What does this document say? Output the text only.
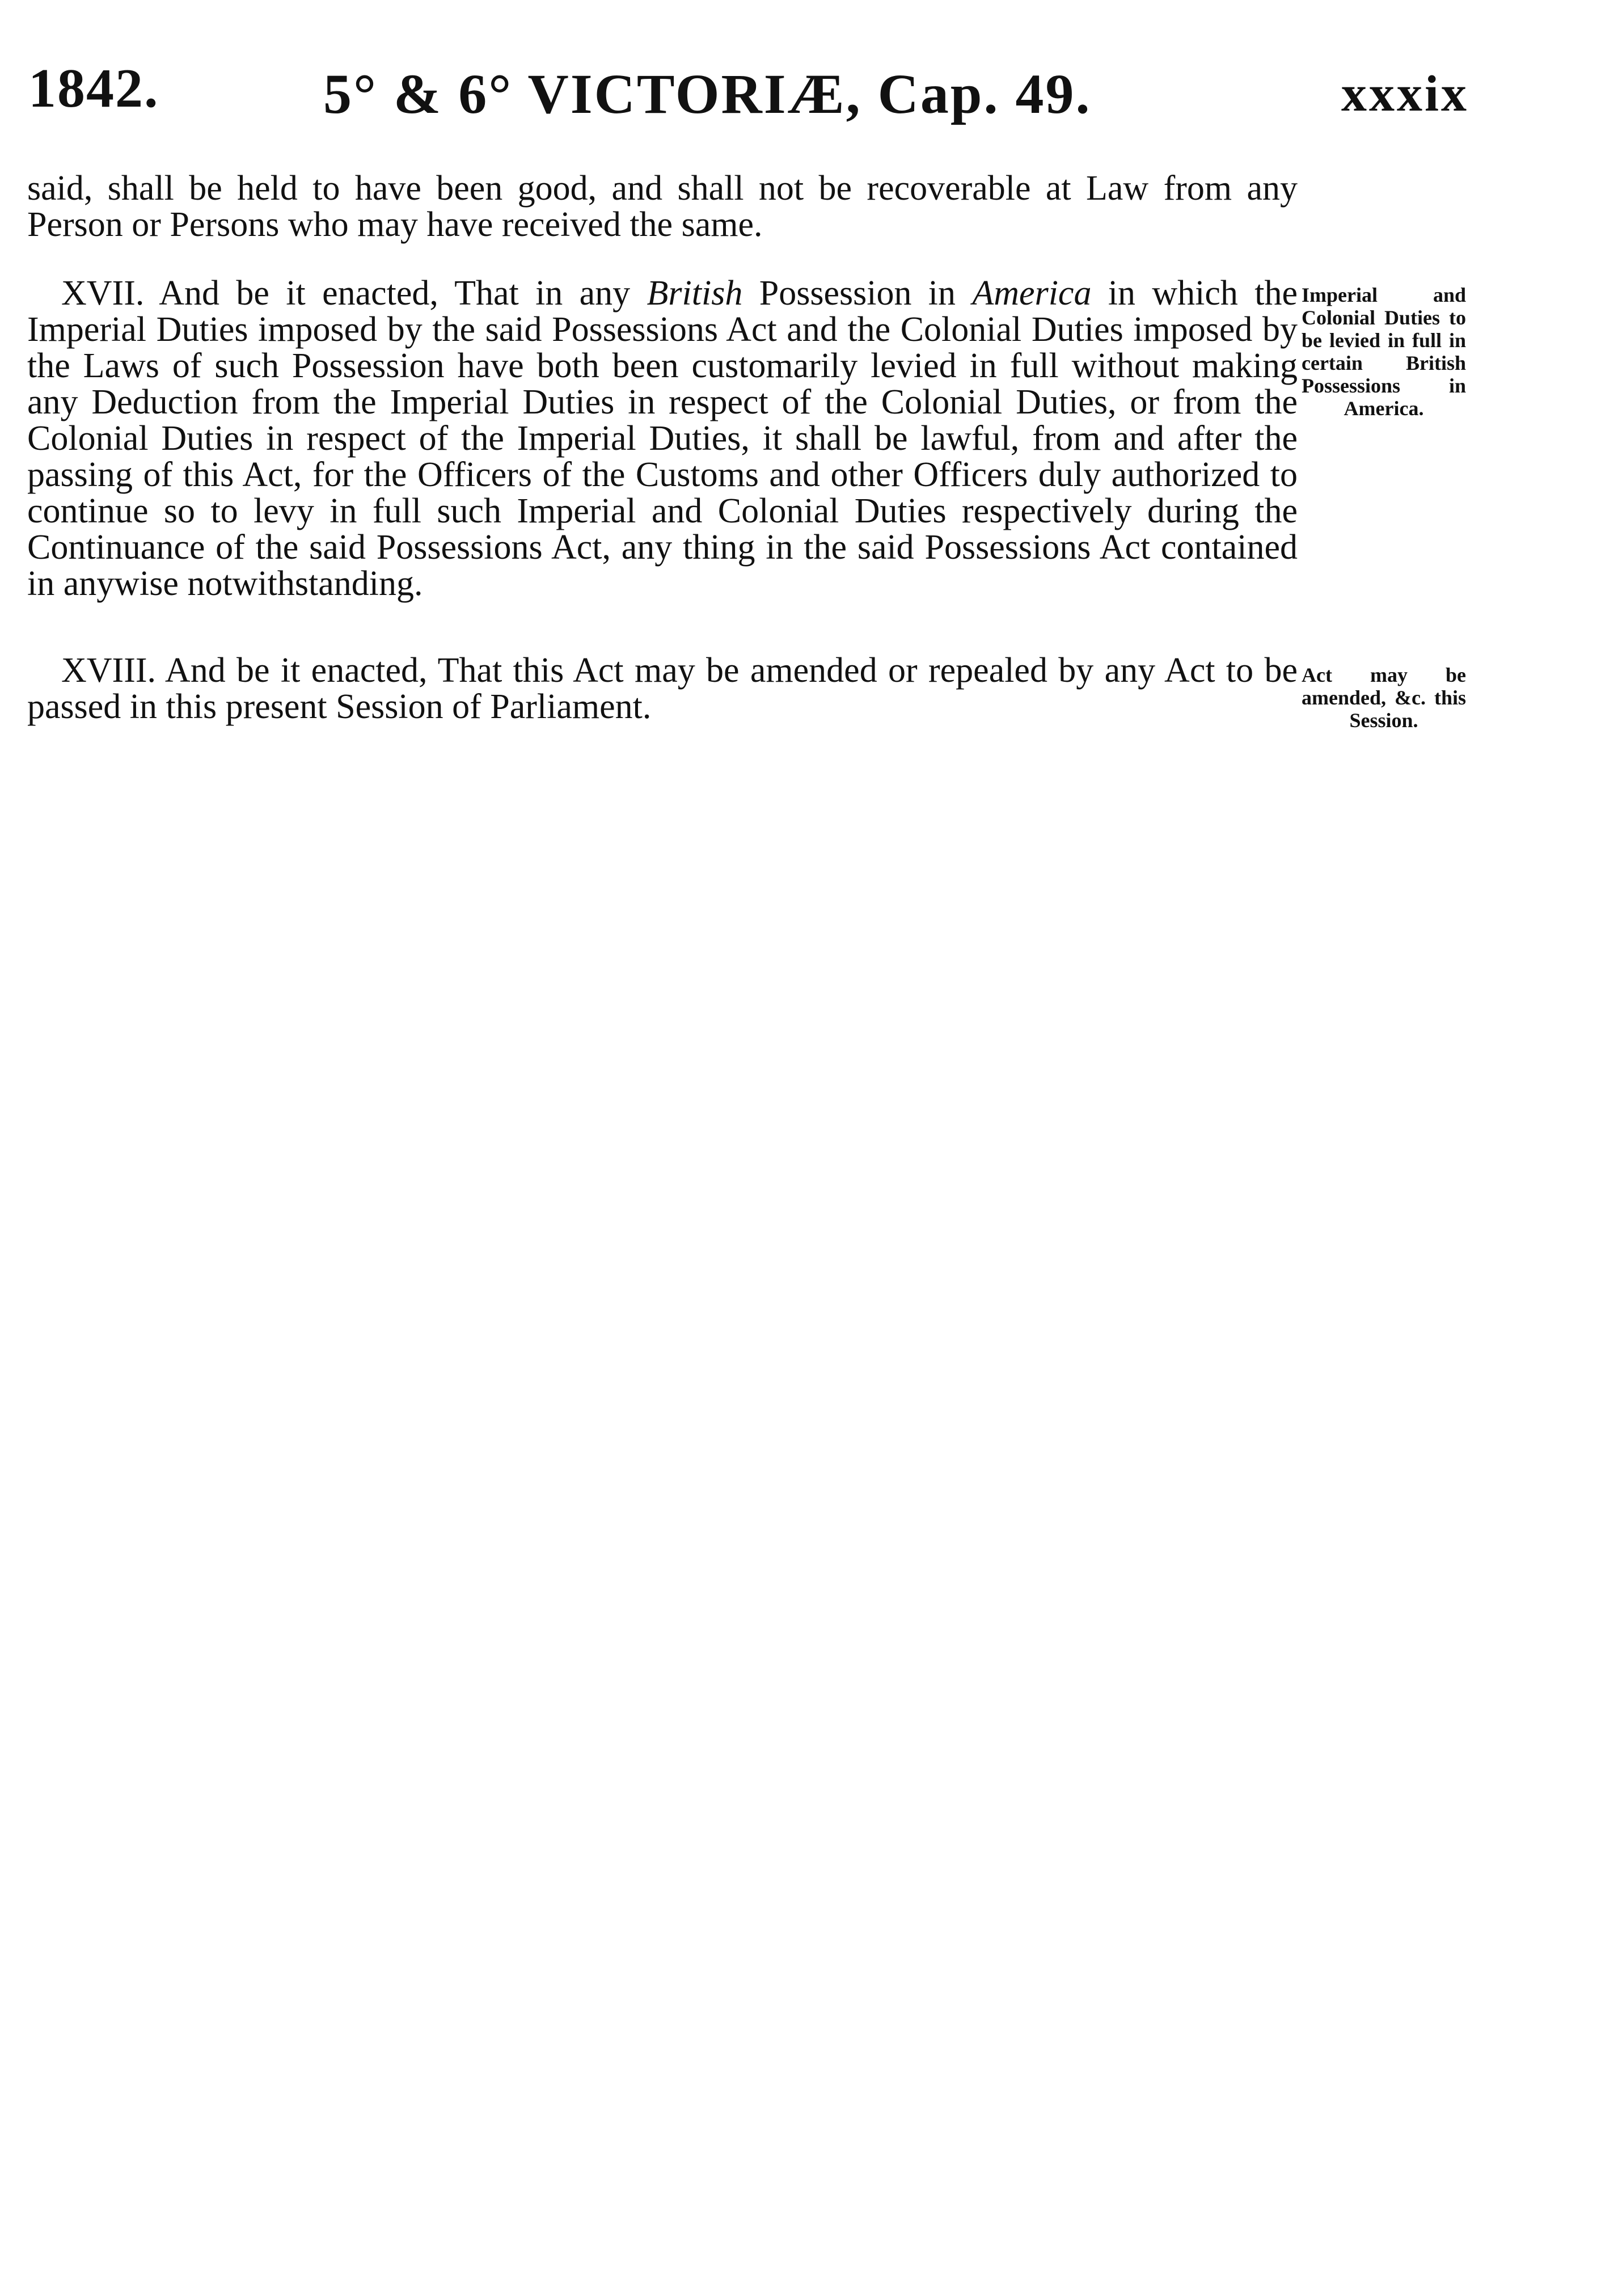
1842.	5° & 6° VICTORIÆ, Cap. 49.	xxxix

said, shall be held to have been good, and shall not be recoverable at Law from any Person or Persons who may have received the same.

XVII. And be it enacted, That in any British Possession in America in which the Imperial Duties imposed by the said Possessions Act and the Colonial Duties imposed by the Laws of such Possession have both been customarily levied in full without making any Deduction from the Imperial Duties in respect of the Colonial Duties, or from the Colonial Duties in respect of the Imperial Duties, it shall be lawful, from and after the passing of this Act, for the Officers of the Customs and other Officers duly authorized to continue so to levy in full such Imperial and Colonial Duties respectively during the Continuance of the said Possessions Act, any thing in the said Possessions Act contained in anywise notwithstanding.

Imperial and Colonial Duties to be levied in full in certain British Possessions in America.

XVIII. And be it enacted, That this Act may be amended or repealed by any Act to be passed in this present Session of Parliament.

Act may be amended, &c. this Session.
